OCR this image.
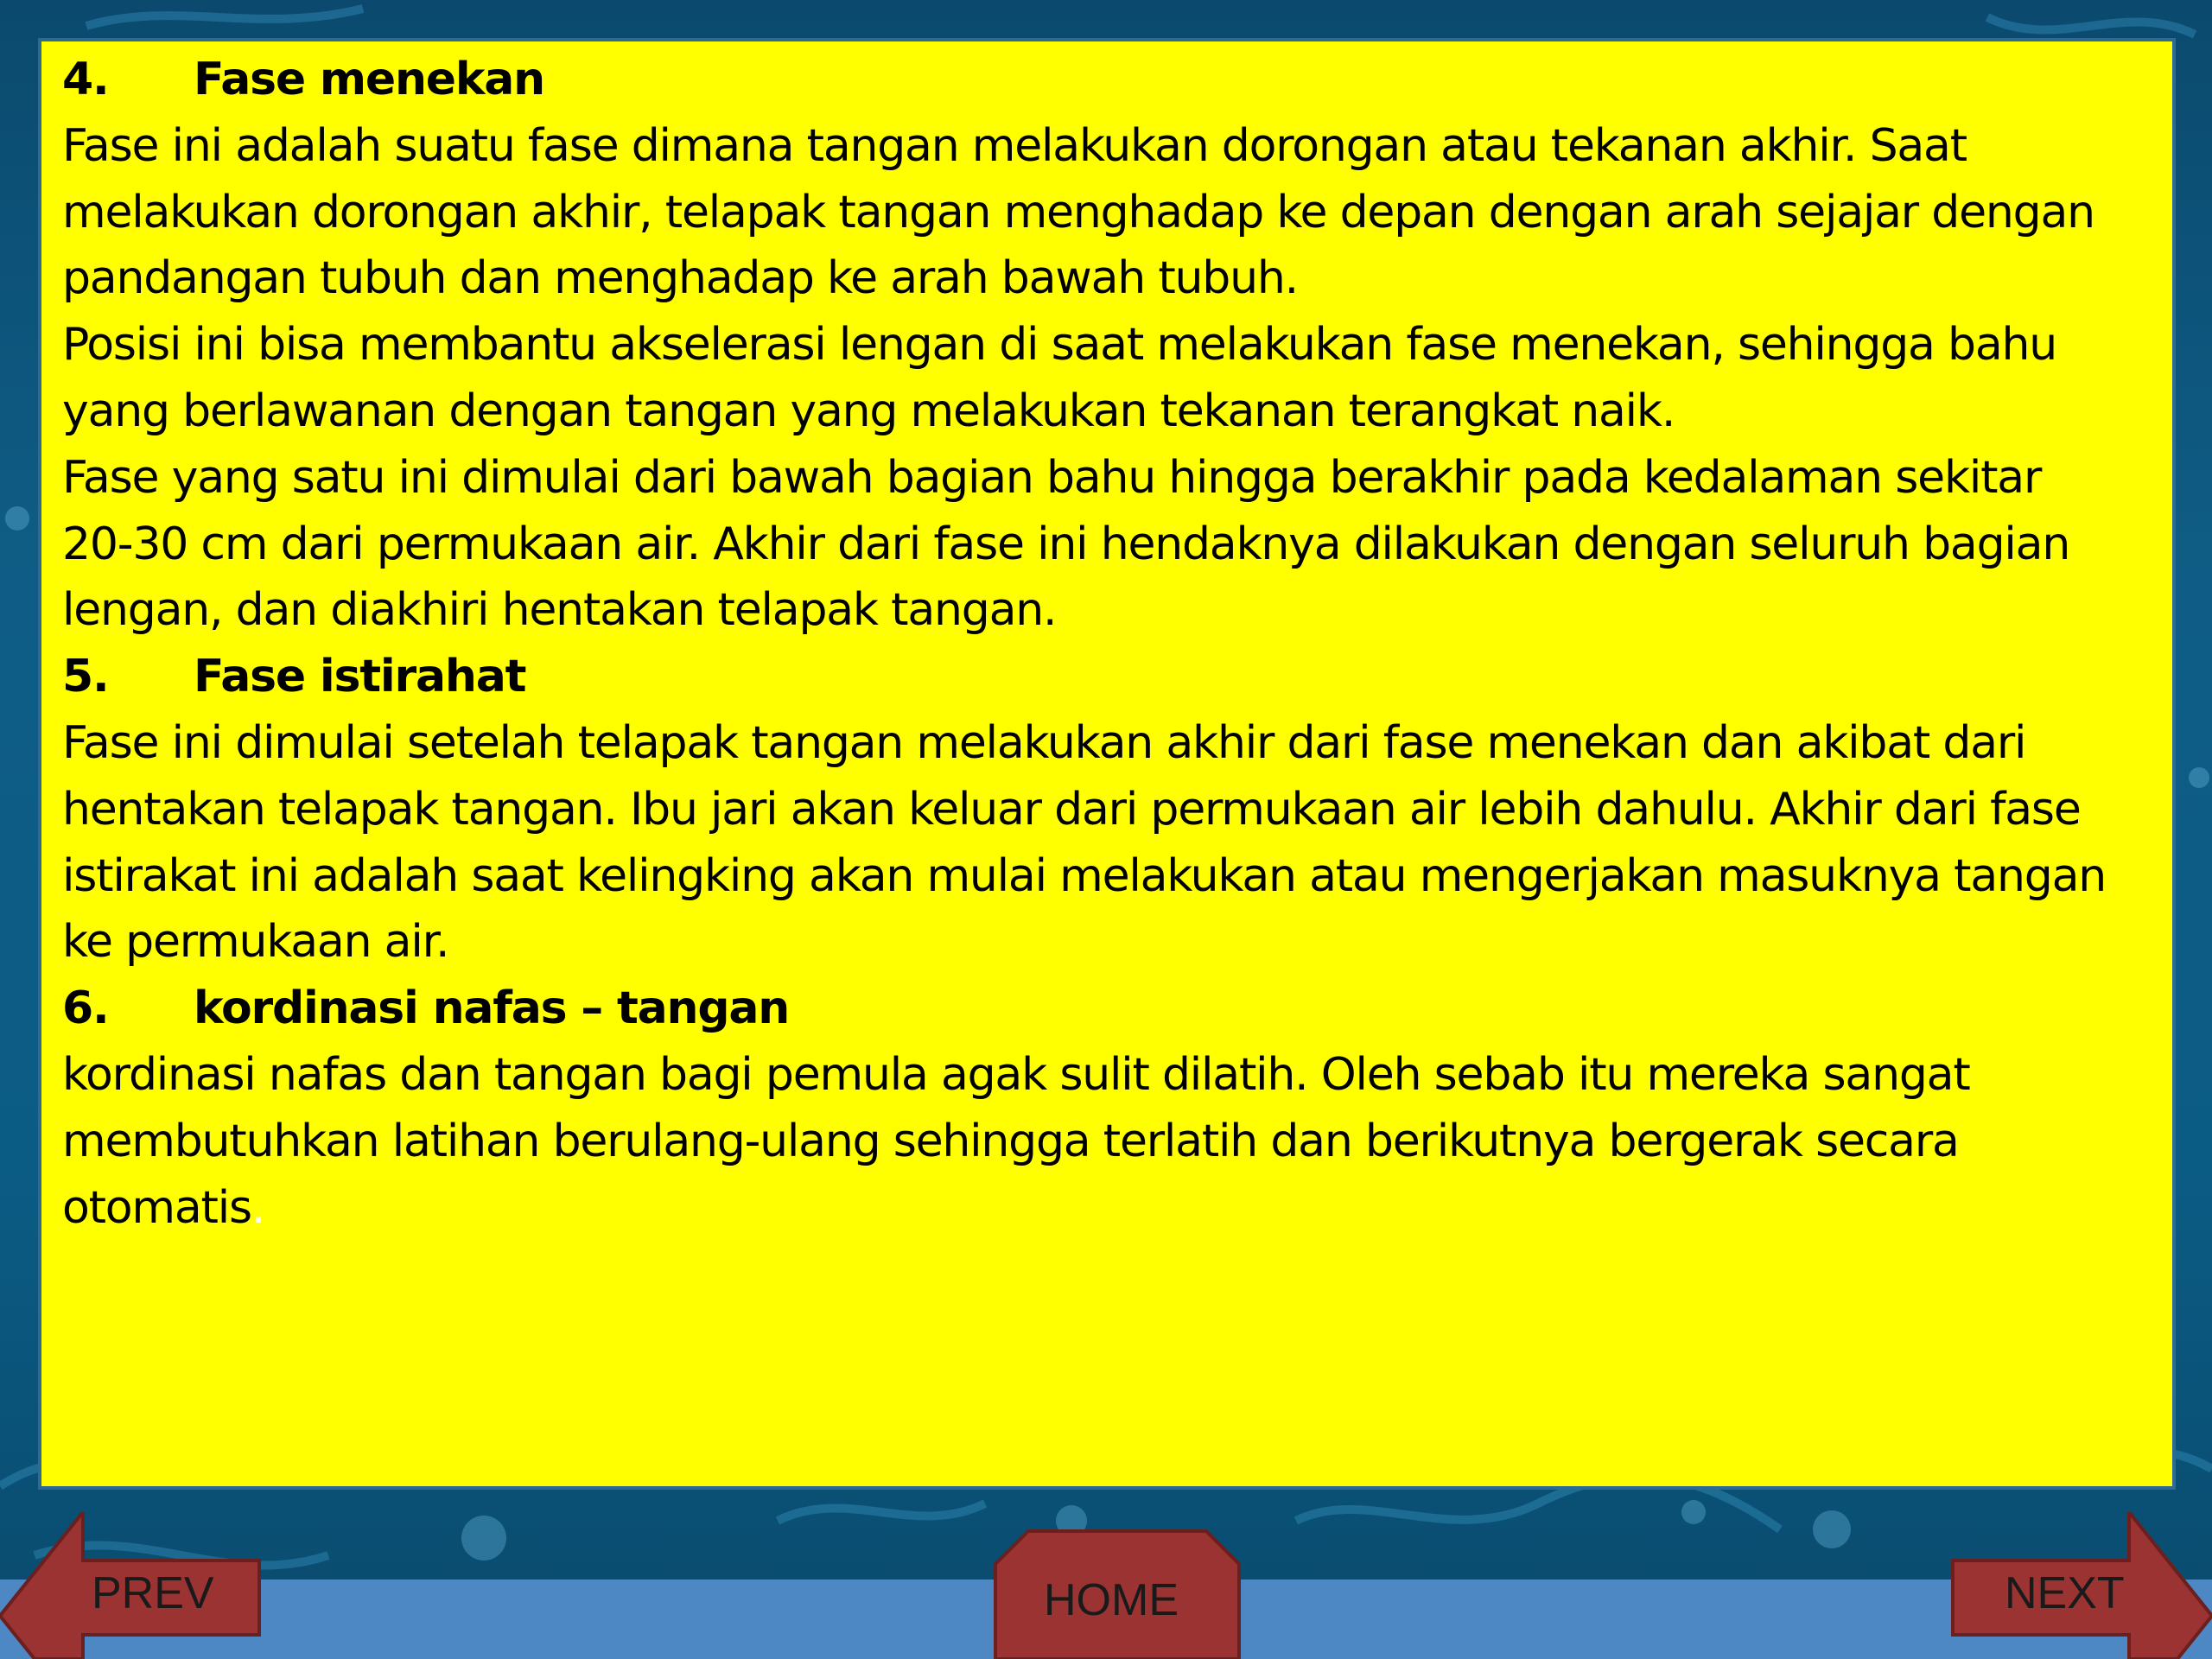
4. Fase menekan

Fase ini adalah suatu fase dimana tangan melakukan dorongan atau tekanan akhir. Saat

melakukan dorongan akhir, telapak tangan menghadap ke depan dengan arah sejajar dengan

pandangan tubuh dan menghadap ke arah bawah tubuh.

Posisi ini bisa membantu akselerasi lengan di saat melakukan fase menekan, sehingga bahu

yang berlawanan dengan tangan yang melakukan tekanan terangkat naik.

Fase yang satu ini dimulai dari bawah bagian bahu hingga berakhir pada kedalaman sekitar

20-30 cm dari permukaan air. Akhir dari fase ini hendaknya dilakukan dengan seluruh bagian

lengan, dan diakhiri hentakan telapak tangan.

5. Fase istirahat

Fase ini dimulai setelah telapak tangan melakukan akhir dari fase menekan dan akibat dari

hentakan telapak tangan. Ibu jari akan keluar dari permukaan air lebih dahulu. Akhir dari fase

istirakat ini adalah saat kelingking akan mulai melakukan atau mengerjakan masuknya tangan

ke permukaan air.

6. kordinasi nafas – tangan

kordinasi nafas dan tangan bagi pemula agak sulit dilatih. Oleh sebab itu mereka sangat

membutuhkan latihan berulang-ulang sehingga terlatih dan berikutnya bergerak secara

otomatis.

PREV	HOME	NEXT
